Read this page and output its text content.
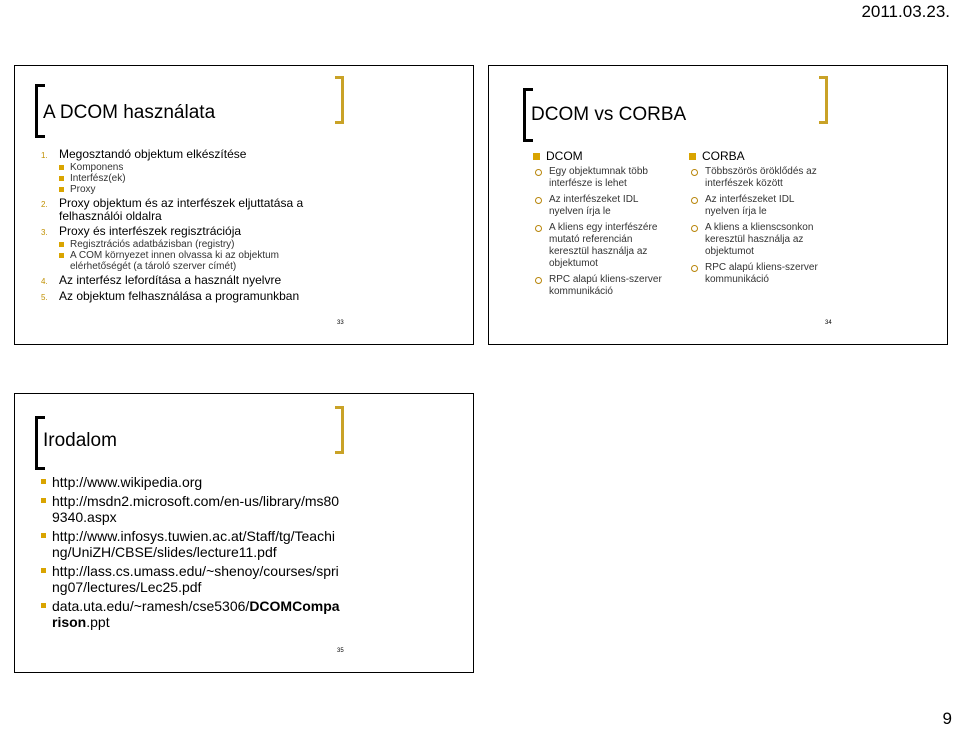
2011.03.23.
A DCOM használata
1. Megosztandó objektum elkészítése
Komponens
Interfész(ek)
Proxy
2. Proxy objektum és az interfészek eljuttatása a felhasználói oldalra
3. Proxy és interfészek regisztrációja
Regisztrációs adatbázisban (registry)
A COM környezet innen olvassa ki az objektum elérhetőségét (a tároló szerver címét)
4. Az interfész lefordítása a használt nyelvre
5. Az objektum felhasználása a programunkban
33
DCOM vs CORBA
DCOM
Egy objektumnak több interfésze is lehet
Az interfészeket IDL nyelven írja le
A kliens egy interfészére mutató referencián keresztül használja az objektumot
RPC alapú kliens-szerver kommunikáció
CORBA
Többszörös öröklődés az interfészek között
Az interfészeket IDL nyelven írja le
A kliens a klienscsonkon keresztül használja az objektumot
RPC alapú kliens-szerver kommunikáció
34
Irodalom
http://www.wikipedia.org
http://msdn2.microsoft.com/en-us/library/ms809340.aspx
http://www.infosys.tuwien.ac.at/Staff/tg/Teaching/UniZH/CBSE/slides/lecture11.pdf
http://lass.cs.umass.edu/~shenoy/courses/spring07/lectures/Lec25.pdf
data.uta.edu/~ramesh/cse5306/DCOMComparison.ppt
35
9
